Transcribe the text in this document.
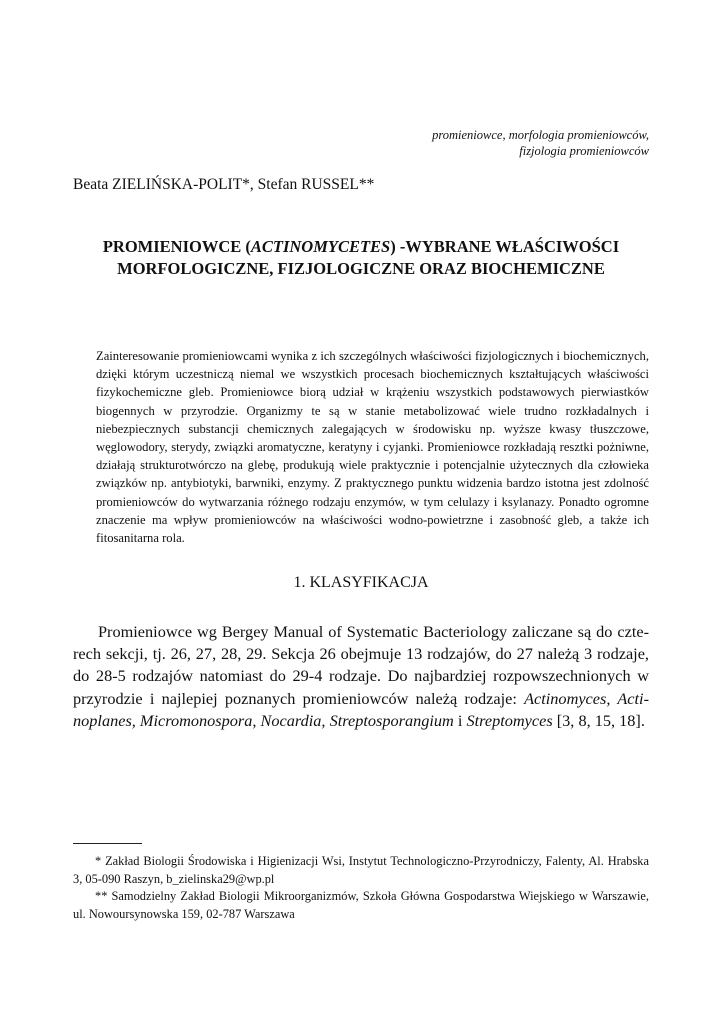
promieniowce, morfologia promieniowców,
fizjologia promieniowców
Beata ZIELIŃSKA-POLIT*, Stefan RUSSEL**
PROMIENIOWCE (ACTINOMYCETES) -WYBRANE WŁAŚCIWOŚCI
MORFOLOGICZNE, FIZJOLOGICZNE ORAZ BIOCHEMICZNE
Zainteresowanie promieniowcami wynika z ich szczególnych właściwości fizjologicznych i biochemicznych, dzięki którym uczestniczą niemal we wszystkich procesach biochemicznych kształtujących właściwości fizykochemiczne gleb. Promieniowce biorą udział w krążeniu wszystkich podstawowych pierwiastków biogennych w przyrodzie. Organizmy te są w stanie metabolizować wiele trudno rozkładalnych i niebezpiecznych substancji chemicznych zalegających w środowisku np. wyższe kwasy tłuszczowe, węglowodory, sterydy, związki aromatyczne, keratyny i cyjanki. Promieniowce rozkładają resztki pożniwne, działają strukturotwórczo na glebę, produkują wiele praktycznie i potencjalnie użytecznych dla człowieka związków np. antybiotyki, barwniki, enzymy. Z praktycznego punktu widzenia bardzo istotna jest zdolność promieniowców do wytwarzania różnego rodzaju enzymów, w tym celulazy i ksylanazy. Ponadto ogromne znaczenie ma wpływ promieniowców na właściwości wodno-powietrzne i zasobność gleb, a także ich fitosanitarna rola.
1. KLASYFIKACJA
Promieniowce wg Bergey Manual of Systematic Bacteriology zaliczane są do czte-rech sekcji, tj. 26, 27, 28, 29. Sekcja 26 obejmuje 13 rodzajów, do 27 należą 3 rodzaje, do 28-5 rodzajów natomiast do 29-4 rodzaje. Do najbardziej rozpowszechnionych w przyrodzie i najlepiej poznanych promieniowców należą rodzaje: Actinomyces, Acti-noplanes, Micromonospora, Nocardia, Streptosporangium i Streptomyces [3, 8, 15, 18].

* Zakład Biologii Środowiska i Higienizacji Wsi, Instytut Technologiczno-Przyrodniczy, Falenty, Al. Hrabska 3, 05-090 Raszyn, b_zielinska29@wp.pl

** Samodzielny Zakład Biologii Mikroorganizmów, Szkoła Główna Gospodarstwa Wiejskiego w Warszawie, ul. Nowoursynowska 159, 02-787 Warszawa
